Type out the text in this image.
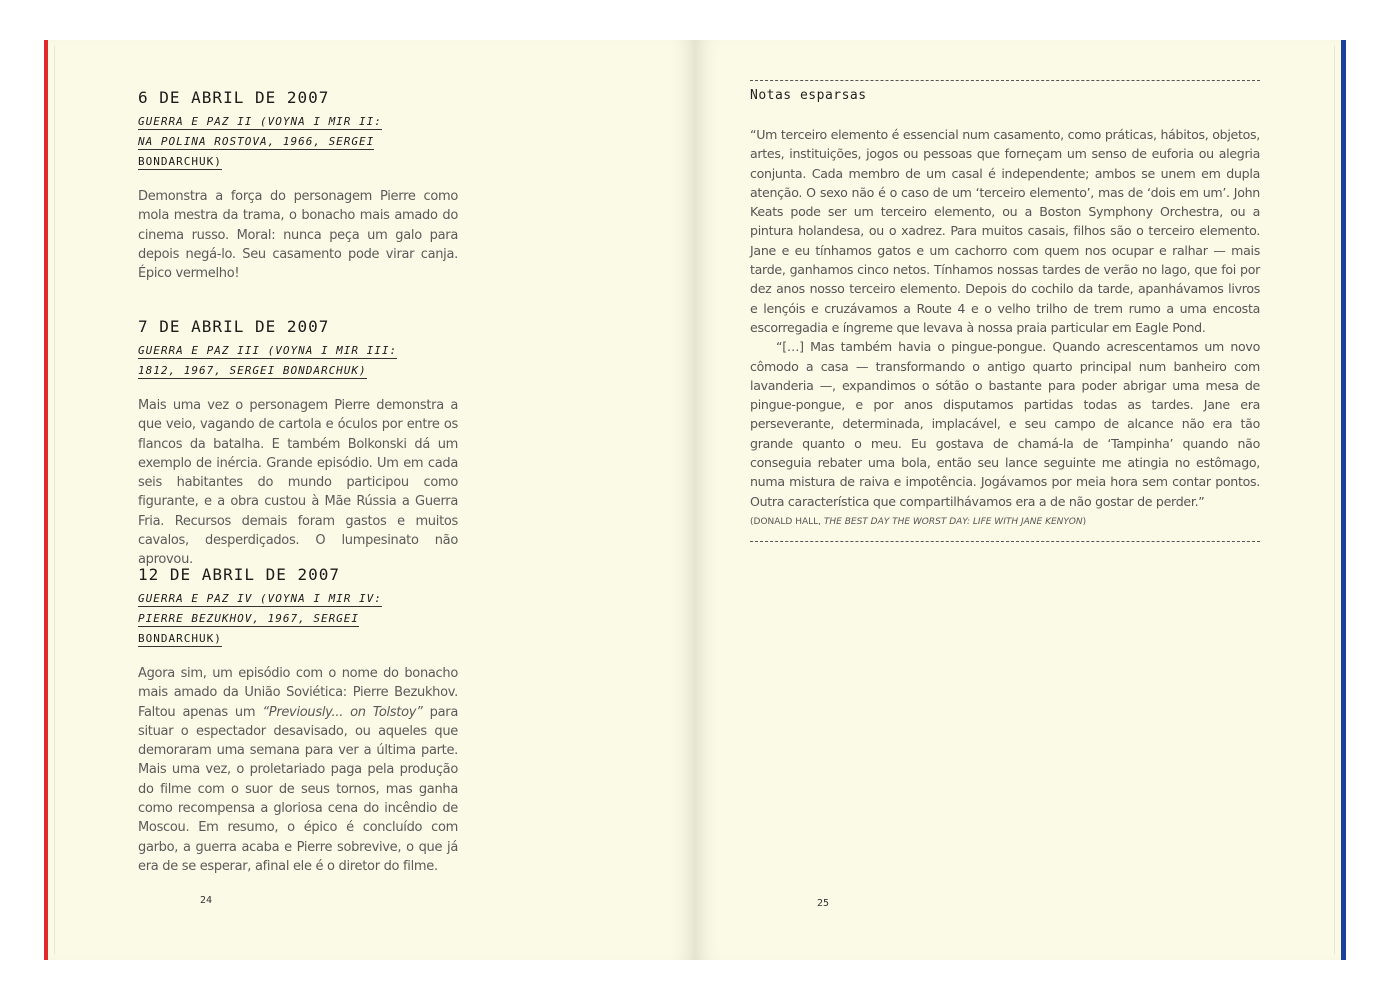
6 DE ABRIL DE 2007
GUERRA E PAZ II (VOYNA I MIR II:
NA POLINA ROSTOVA, 1966, SERGEI
BONDARCHUK)

Demonstra a força do personagem Pierre como mola mestra da trama, o bonacho mais amado do cinema russo. Moral: nunca peça um galo para depois negá-lo. Seu casamento pode virar canja. Épico vermelho!

7 DE ABRIL DE 2007
GUERRA E PAZ III (VOYNA I MIR III:
1812, 1967, SERGEI BONDARCHUK)

Mais uma vez o personagem Pierre demonstra a que veio, vagando de cartola e óculos por entre os flancos da batalha. E também Bolkonski dá um exemplo de inércia. Grande episódio. Um em cada seis habitantes do mundo participou como figurante, e a obra custou à Mãe Rússia a Guerra Fria. Recursos demais foram gastos e muitos cavalos, desperdiçados. O lumpesinato não aprovou.

12 DE ABRIL DE 2007
GUERRA E PAZ IV (VOYNA I MIR IV:
PIERRE BEZUKHOV, 1967, SERGEI
BONDARCHUK)

Agora sim, um episódio com o nome do bonacho mais amado da União Soviética: Pierre Bezukhov. Faltou apenas um “Previously... on Tolstoy” para situar o espectador desavisado, ou aqueles que demoraram uma semana para ver a última parte. Mais uma vez, o proletariado paga pela produção do filme com o suor de seus tornos, mas ganha como recompensa a gloriosa cena do incêndio de Moscou. Em resumo, o épico é concluído com garbo, a guerra acaba e Pierre sobrevive, o que já era de se esperar, afinal ele é o diretor do filme.

24
Notas esparsas

“Um terceiro elemento é essencial num casamento, como práticas, hábitos, objetos, artes, instituições, jogos ou pessoas que forneçam um senso de euforia ou alegria conjunta. Cada membro de um casal é independente; ambos se unem em dupla atenção. O sexo não é o caso de um ‘terceiro elemento’, mas de ‘dois em um’. John Keats pode ser um terceiro elemento, ou a Boston Symphony Orchestra, ou a pintura holandesa, ou o xadrez. Para muitos casais, filhos são o terceiro elemento. Jane e eu tínhamos gatos e um cachorro com quem nos ocupar e ralhar — mais tarde, ganhamos cinco netos. Tínhamos nossas tardes de verão no lago, que foi por dez anos nosso terceiro elemento. Depois do cochilo da tarde, apanhávamos livros e lençóis e cruzávamos a Route 4 e o velho trilho de trem rumo a uma encosta escorregadia e íngreme que levava à nossa praia particular em Eagle Pond.

“[…] Mas também havia o pingue-pongue. Quando acrescentamos um novo cômodo a casa — transformando o antigo quarto principal num banheiro com lavanderia —, expandimos o sótão o bastante para poder abrigar uma mesa de pingue-pongue, e por anos disputamos partidas todas as tardes. Jane era perseverante, determinada, implacável, e seu campo de alcance não era tão grande quanto o meu. Eu gostava de chamá-la de ‘Tampinha’ quando não conseguia rebater uma bola, então seu lance seguinte me atingia no estômago, numa mistura de raiva e impotência. Jogávamos por meia hora sem contar pontos. Outra característica que compartilhávamos era a de não gostar de perder.”

(DONALD HALL, THE BEST DAY THE WORST DAY: LIFE WITH JANE KENYON)
25
